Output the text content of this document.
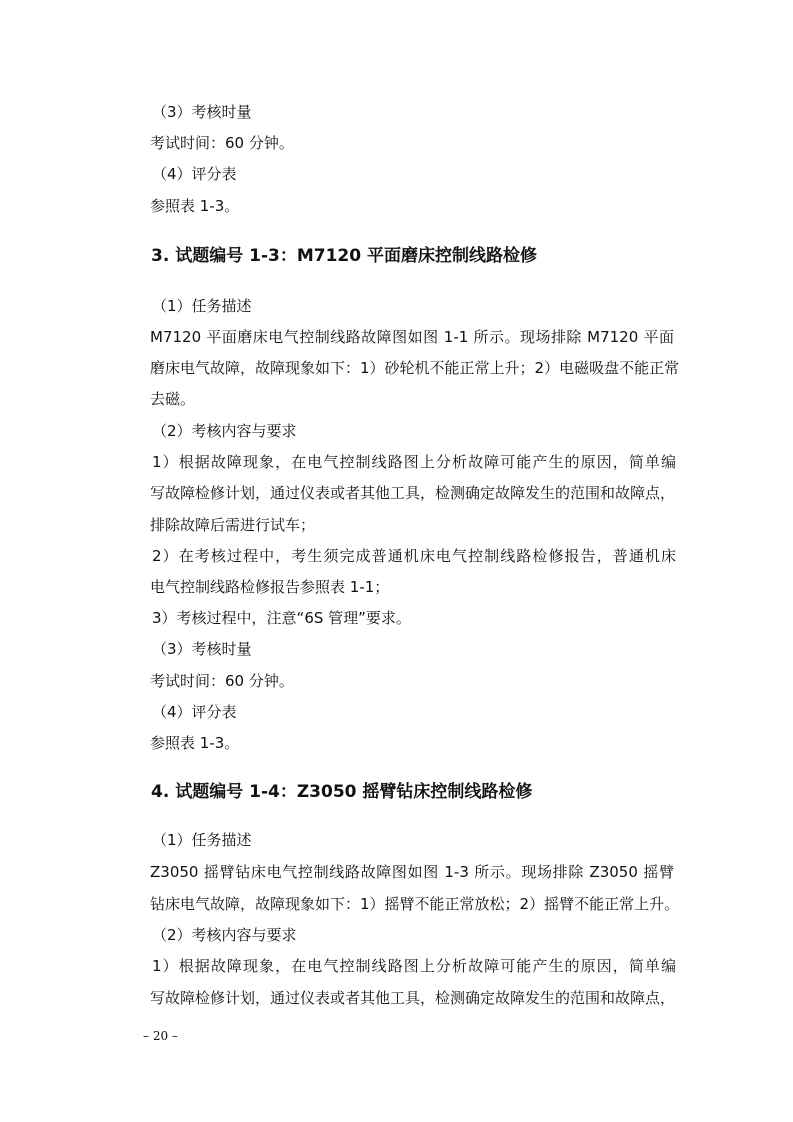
（3）考核时量
考试时间：60 分钟。
（4）评分表
参照表 1-3。
3. 试题编号 1-3：M7120 平面磨床控制线路检修
（1）任务描述
M7120 平面磨床电气控制线路故障图如图 1-1 所示。现场排除 M7120 平面
磨床电气故障，故障现象如下：1）砂轮机不能正常上升；2）电磁吸盘不能正常
去磁。
（2）考核内容与要求
1）根据故障现象，在电气控制线路图上分析故障可能产生的原因，简单编
写故障检修计划，通过仪表或者其他工具，检测确定故障发生的范围和故障点，
排除故障后需进行试车；
2）在考核过程中，考生须完成普通机床电气控制线路检修报告，普通机床
电气控制线路检修报告参照表 1-1；
3）考核过程中，注意“6S 管理”要求。
（3）考核时量
考试时间：60 分钟。
（4）评分表
参照表 1-3。
4. 试题编号 1-4：Z3050 摇臂钻床控制线路检修
（1）任务描述
Z3050 摇臂钻床电气控制线路故障图如图 1-3 所示。现场排除 Z3050 摇臂
钻床电气故障，故障现象如下：1）摇臂不能正常放松；2）摇臂不能正常上升。
（2）考核内容与要求
1）根据故障现象，在电气控制线路图上分析故障可能产生的原因，简单编
写故障检修计划，通过仪表或者其他工具，检测确定故障发生的范围和故障点，
– 20 –
